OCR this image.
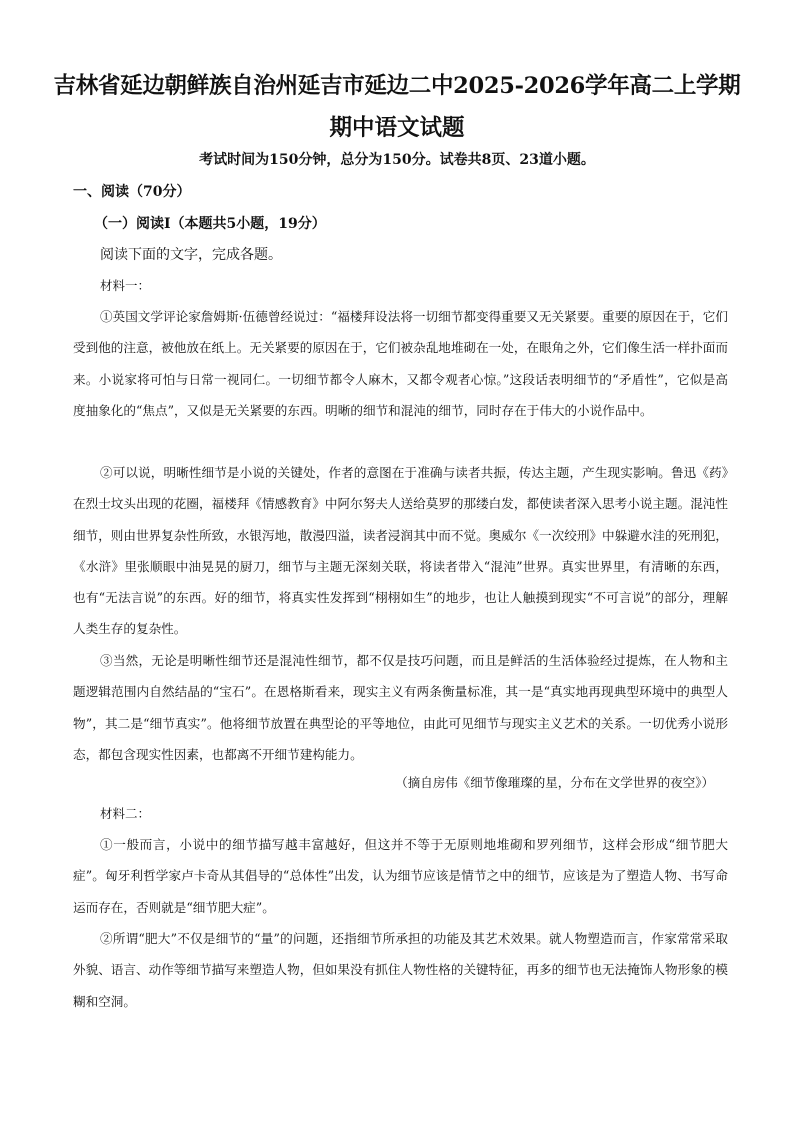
吉林省延边朝鲜族自治州延吉市延边二中2025-2026学年高二上学期
期中语文试题
考试时间为150分钟，总分为150分。试卷共8页、23道小题。
一、阅读（70分）
（一）阅读Ⅰ（本题共5小题，19分）
阅读下面的文字，完成各题。
材料一：

①英国文学评论家詹姆斯·伍德曾经说过：“福楼拜设法将一切细节都变得重要又无关紧要。重要的原因在于，它们受到他的注意，被他放在纸上。无关紧要的原因在于，它们被杂乱地堆砌在一处，在眼角之外，它们像生活一样扑面而来。小说家将可怕与日常一视同仁。一切细节都令人麻木，又都令观者心惊。”这段话表明细节的“矛盾性”，它似是高度抽象化的“焦点”，又似是无关紧要的东西。明晰的细节和混沌的细节，同时存在于伟大的小说作品中。

②可以说，明晰性细节是小说的关键处，作者的意图在于准确与读者共振，传达主题，产生现实影响。鲁迅《药》在烈士坟头出现的花圈，福楼拜《情感教育》中阿尔努夫人送给莫罗的那缕白发，都使读者深入思考小说主题。混沌性细节，则由世界复杂性所致，水银泻地，散漫四溢，读者浸润其中而不觉。奥威尔《一次绞刑》中躲避水洼的死刑犯，《水浒》里张顺眼中油晃晃的厨刀，细节与主题无深刻关联，将读者带入“混沌”世界。真实世界里，有清晰的东西，也有“无法言说”的东西。好的细节，将真实性发挥到“栩栩如生”的地步，也让人触摸到现实“不可言说”的部分，理解人类生存的复杂性。

③当然，无论是明晰性细节还是混沌性细节，都不仅是技巧问题，而且是鲜活的生活体验经过提炼，在人物和主题逻辑范围内自然结晶的“宝石”。在恩格斯看来，现实主义有两条衡量标准，其一是“真实地再现典型环境中的典型人物”，其二是“细节真实”。他将细节放置在典型论的平等地位，由此可见细节与现实主义艺术的关系。一切优秀小说形态，都包含现实性因素，也都离不开细节建构能力。

（摘自房伟《细节像璀璨的星，分布在文学世界的夜空》）
材料二：

①一般而言，小说中的细节描写越丰富越好，但这并不等于无原则地堆砌和罗列细节，这样会形成“细节肥大症”。匈牙利哲学家卢卡奇从其倡导的“总体性”出发，认为细节应该是情节之中的细节，应该是为了塑造人物、书写命运而存在，否则就是“细节肥大症”。

②所谓“肥大”不仅是细节的“量”的问题，还指细节所承担的功能及其艺术效果。就人物塑造而言，作家常常采取外貌、语言、动作等细节描写来塑造人物，但如果没有抓住人物性格的关键特征，再多的细节也无法掩饰人物形象的模糊和空洞。
